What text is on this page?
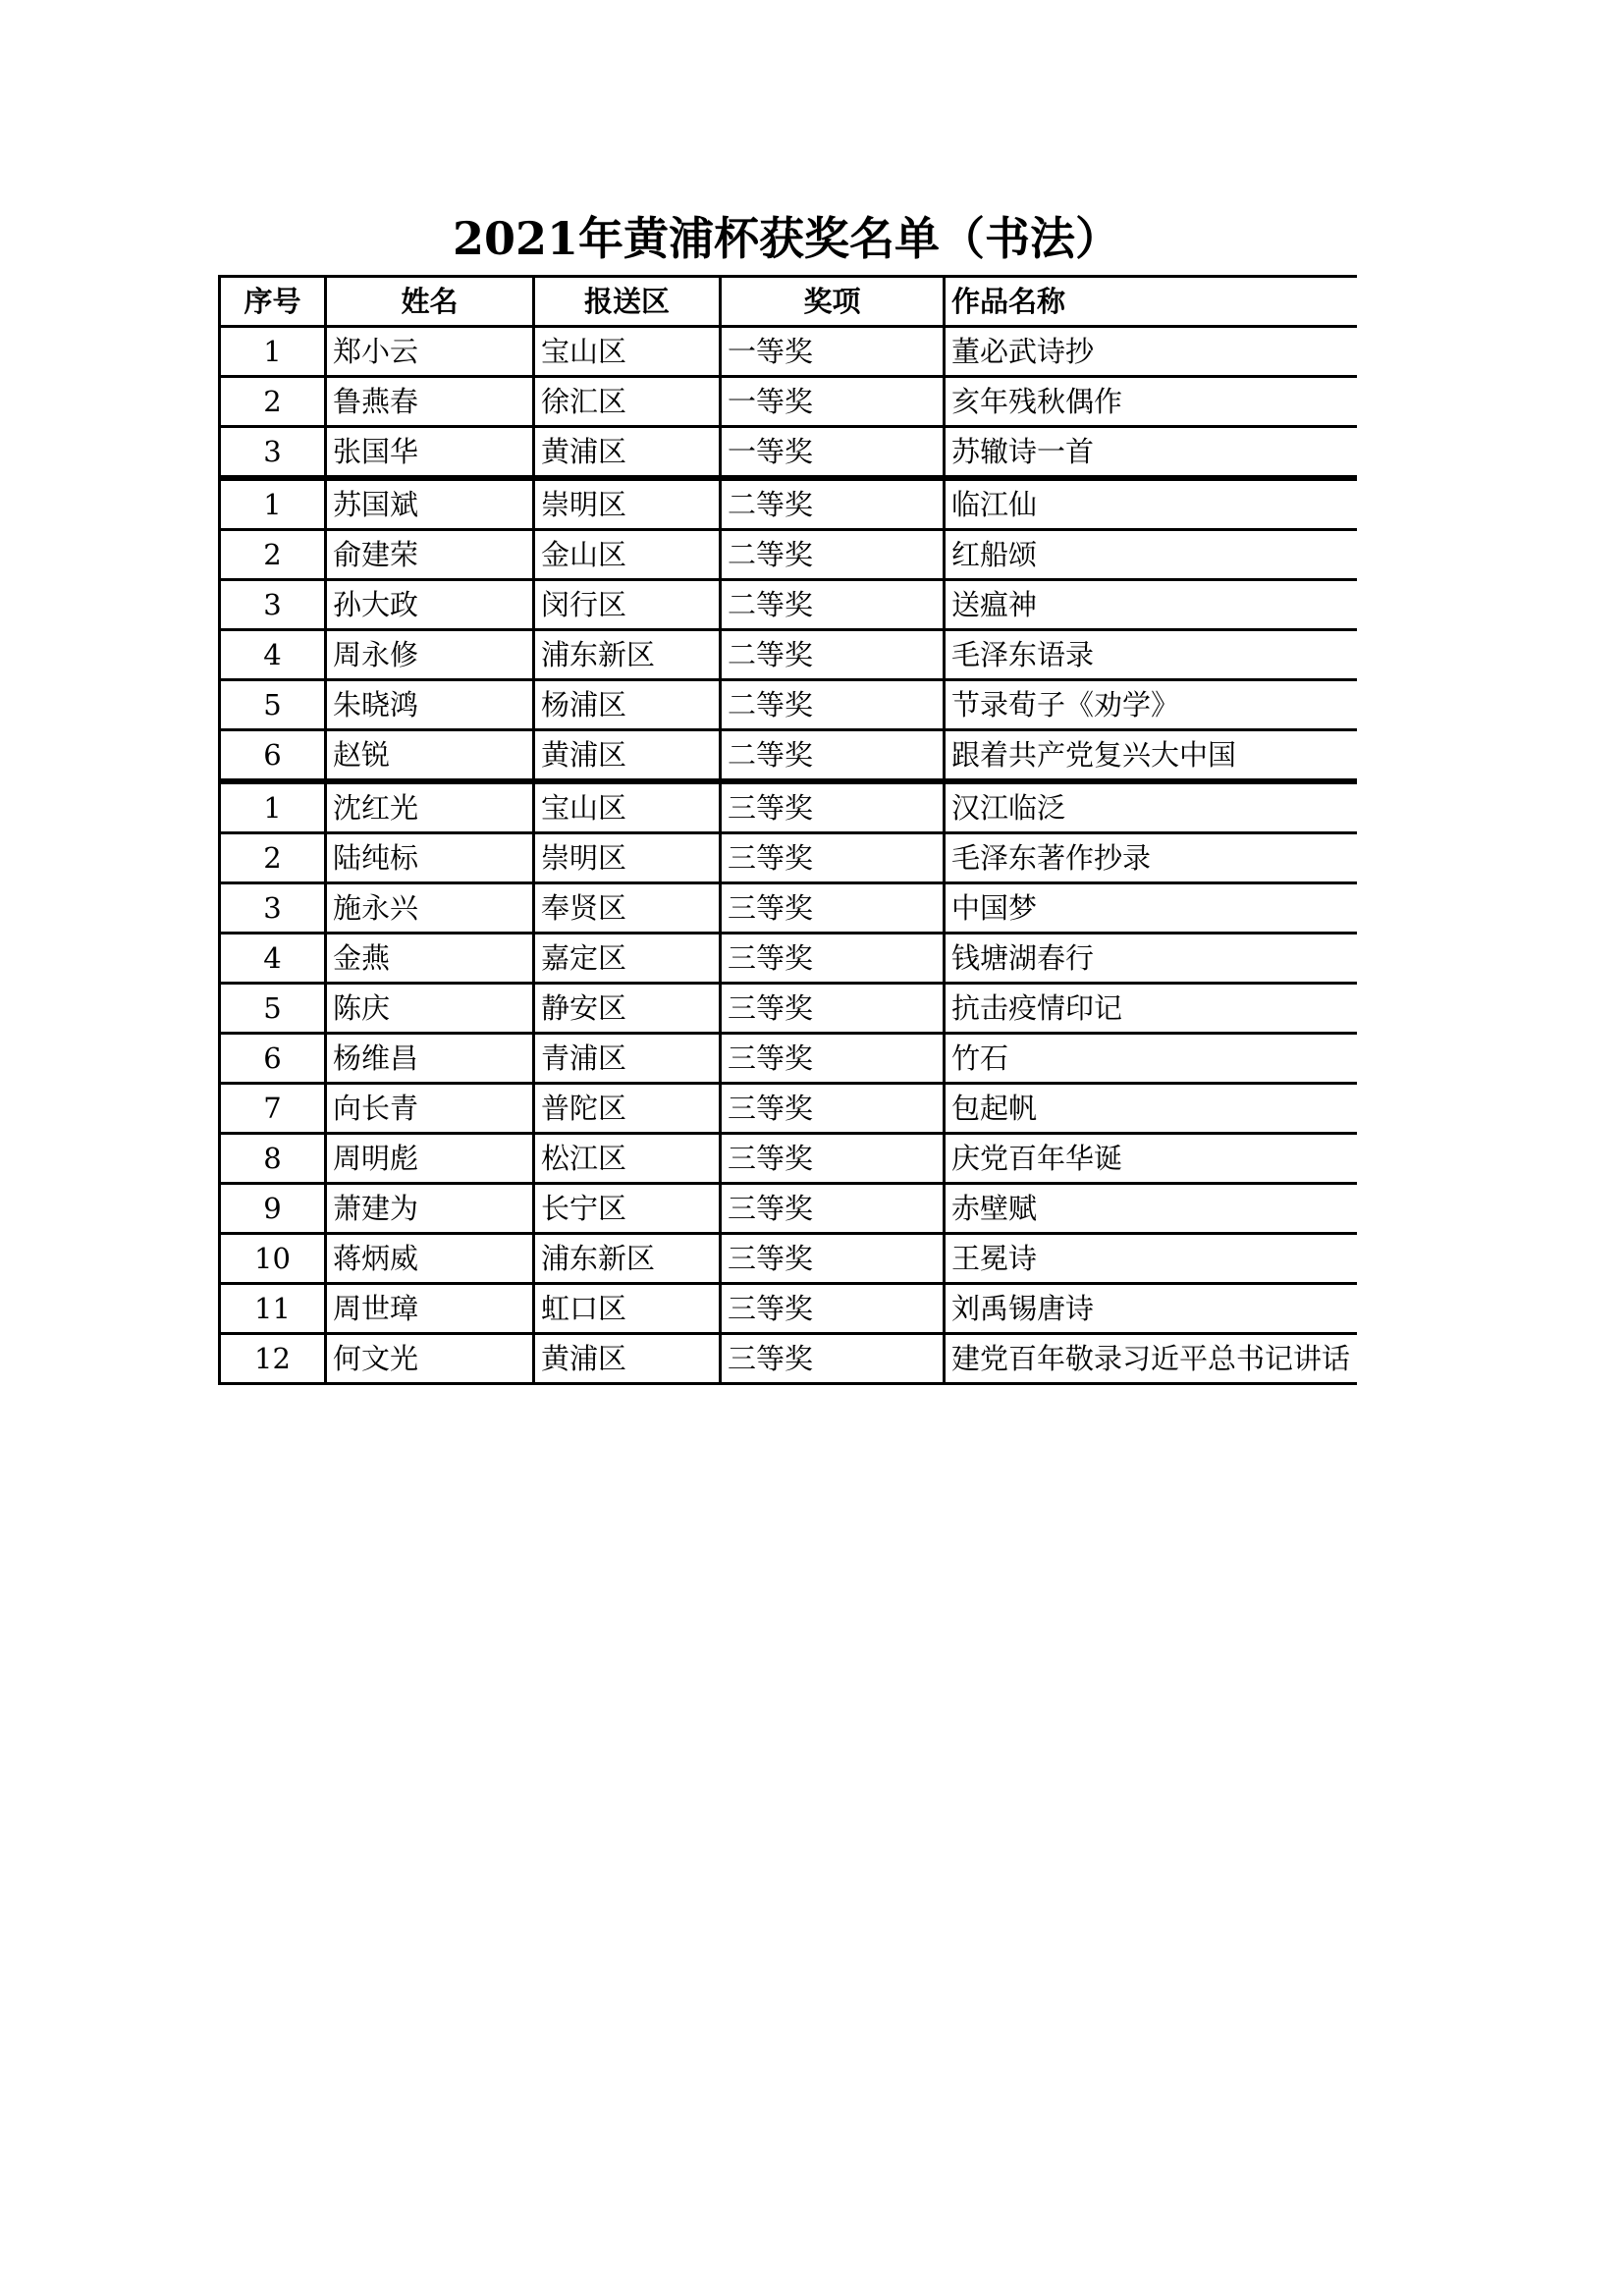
2021年黄浦杯获奖名单（书法）
序号	姓名	报送区	奖项	作品名称
1	郑小云	宝山区	一等奖	董必武诗抄
2	鲁燕春	徐汇区	一等奖	亥年残秋偶作
3	张国华	黄浦区	一等奖	苏辙诗一首
1	苏国斌	崇明区	二等奖	临江仙
2	俞建荣	金山区	二等奖	红船颂
3	孙大政	闵行区	二等奖	送瘟神
4	周永修	浦东新区	二等奖	毛泽东语录
5	朱晓鸿	杨浦区	二等奖	节录荀子《劝学》
6	赵锐	黄浦区	二等奖	跟着共产党复兴大中国
1	沈红光	宝山区	三等奖	汉江临泛
2	陆纯标	崇明区	三等奖	毛泽东著作抄录
3	施永兴	奉贤区	三等奖	中国梦
4	金燕	嘉定区	三等奖	钱塘湖春行
5	陈庆	静安区	三等奖	抗击疫情印记
6	杨维昌	青浦区	三等奖	竹石
7	向长青	普陀区	三等奖	包起帆
8	周明彪	松江区	三等奖	庆党百年华诞
9	萧建为	长宁区	三等奖	赤壁赋
10	蒋炳威	浦东新区	三等奖	王冕诗
11	周世璋	虹口区	三等奖	刘禹锡唐诗
12	何文光	黄浦区	三等奖	建党百年敬录习近平总书记讲话
